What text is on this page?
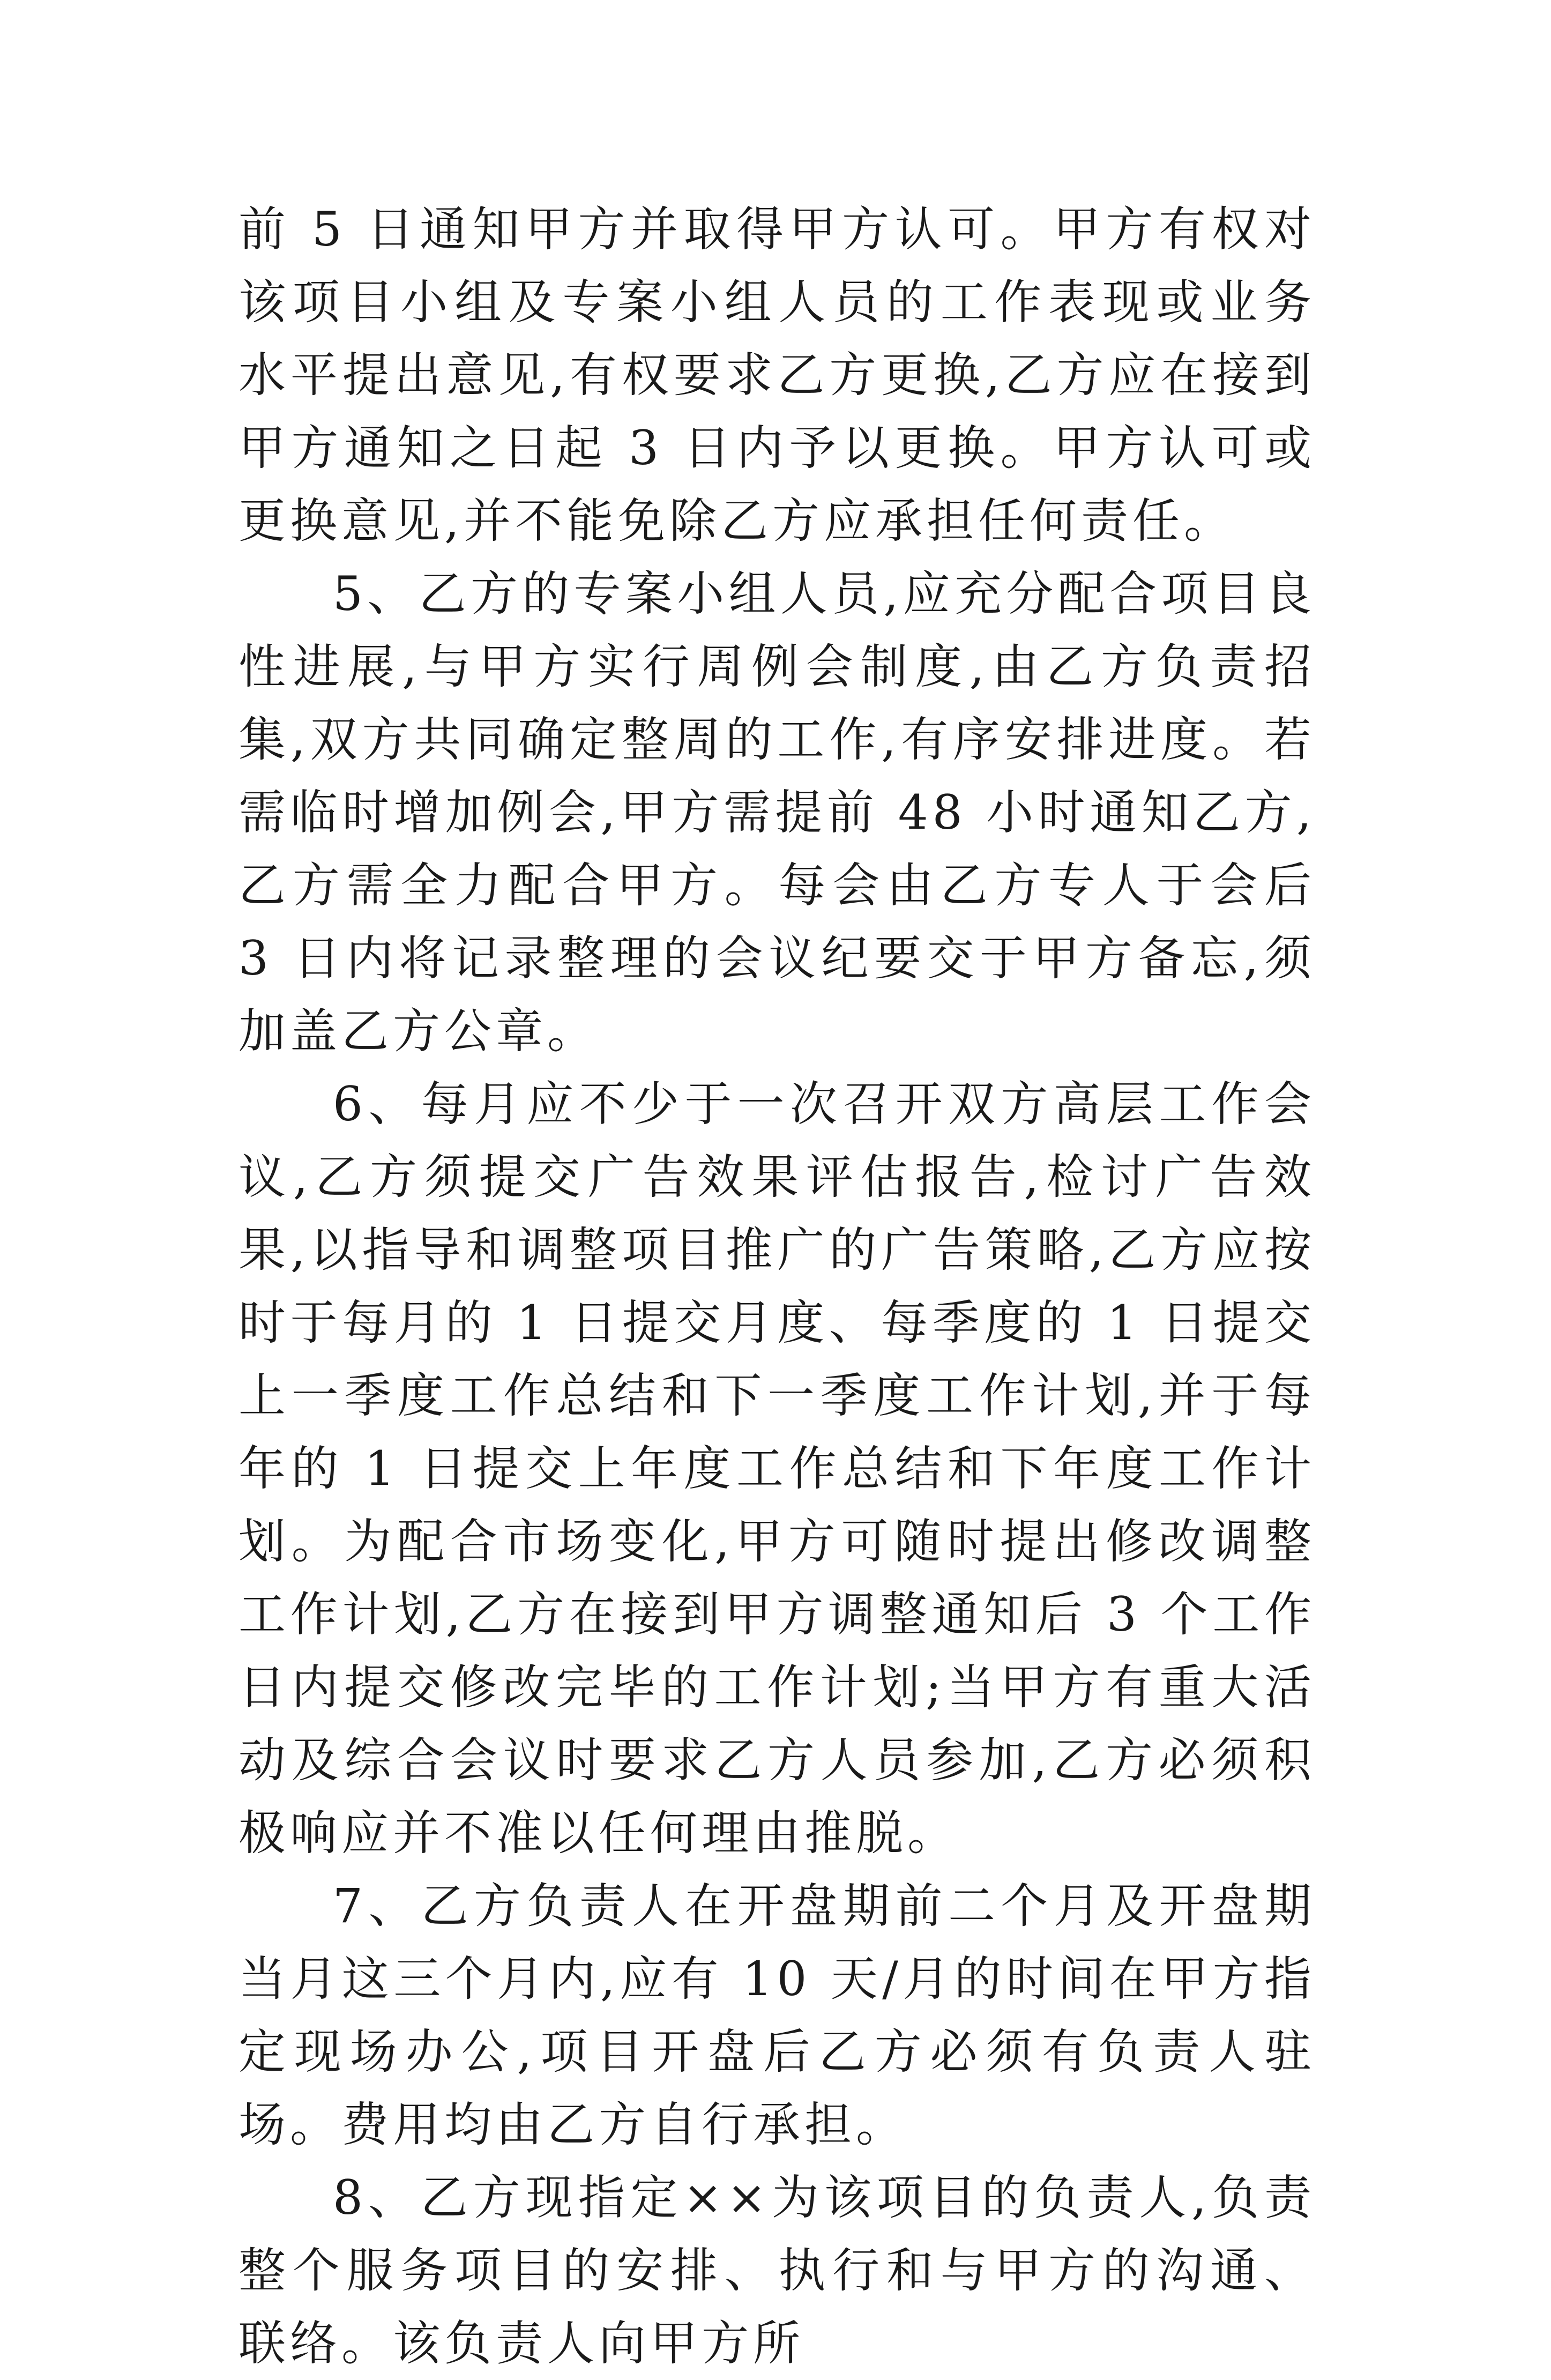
前 5 日通知甲方并取得甲方认可。甲方有权对该项目小组及专案小组人员的工作表现或业务水平提出意见,有权要求乙方更换,乙方应在接到甲方通知之日起 3 日内予以更换。甲方认可或更换意见,并不能免除乙方应承担任何责任。

5、乙方的专案小组人员,应充分配合项目良性进展,与甲方实行周例会制度,由乙方负责招集,双方共同确定整周的工作,有序安排进度。若需临时增加例会,甲方需提前 48 小时通知乙方,乙方需全力配合甲方。每会由乙方专人于会后 3 日内将记录整理的会议纪要交于甲方备忘,须加盖乙方公章。

6、每月应不少于一次召开双方高层工作会议,乙方须提交广告效果评估报告,检讨广告效果,以指导和调整项目推广的广告策略,乙方应按时于每月的 1 日提交月度、每季度的 1 日提交上一季度工作总结和下一季度工作计划,并于每年的 1 日提交上年度工作总结和下年度工作计划。为配合市场变化,甲方可随时提出修改调整工作计划,乙方在接到甲方调整通知后 3 个工作日内提交修改完毕的工作计划;当甲方有重大活动及综合会议时要求乙方人员参加,乙方必须积极响应并不准以任何理由推脱。

7、乙方负责人在开盘期前二个月及开盘期当月这三个月内,应有 10 天/月的时间在甲方指定现场办公,项目开盘后乙方必须有负责人驻场。费用均由乙方自行承担。

8、乙方现指定××为该项目的负责人,负责整个服务项目的安排、执行和与甲方的沟通、联络。该负责人向甲方所
